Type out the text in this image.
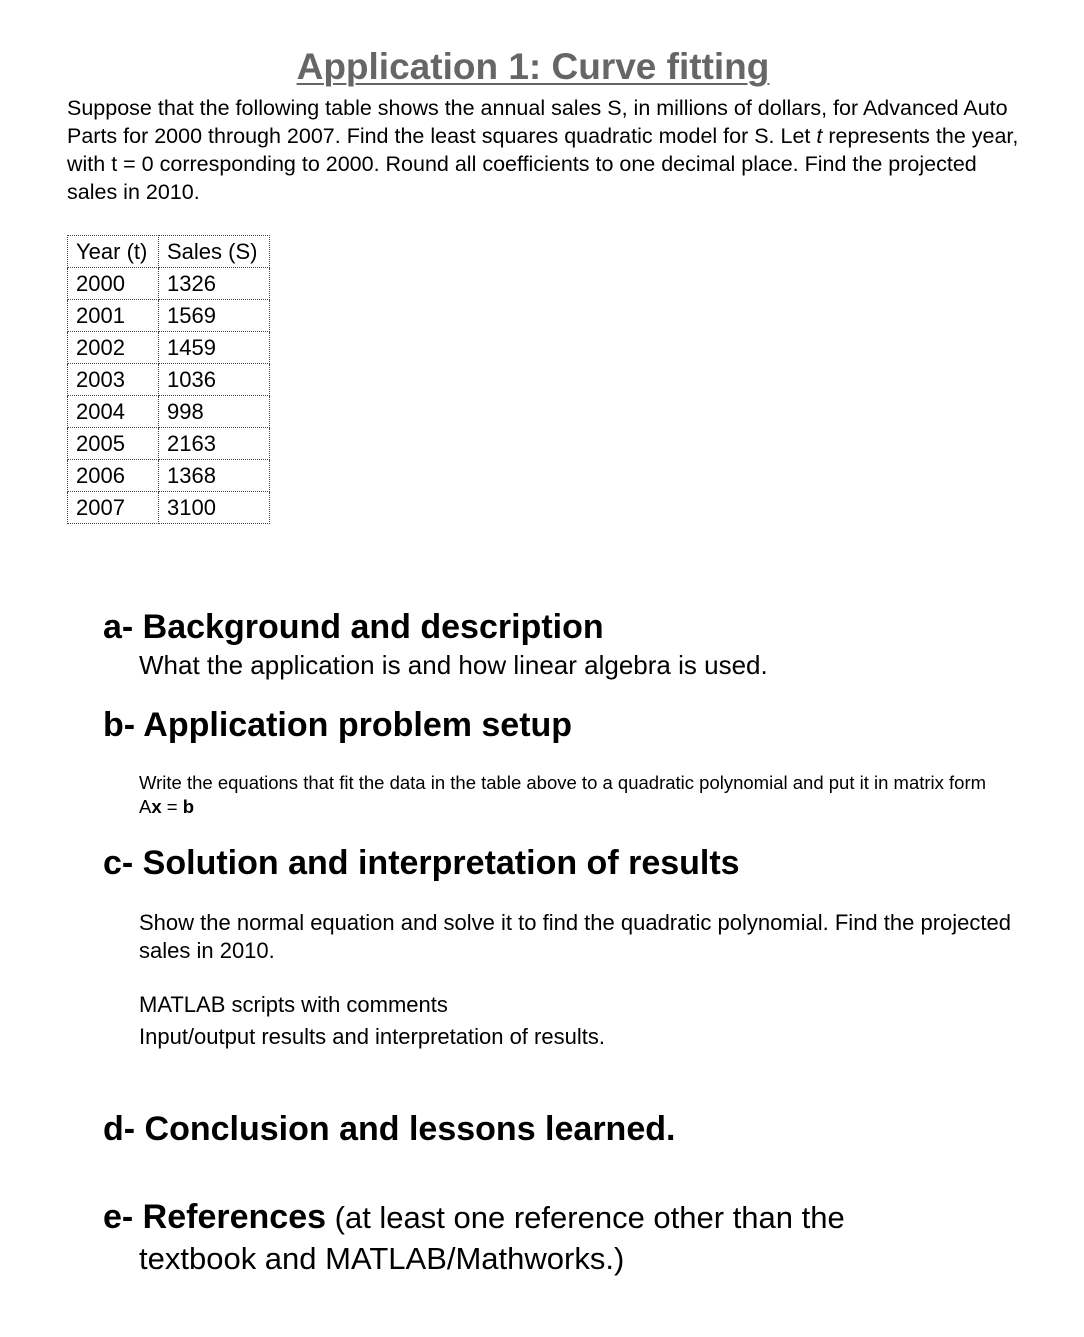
Application 1: Curve fitting
Suppose that the following table shows the annual sales S, in millions of dollars, for Advanced Auto Parts for 2000 through 2007. Find the least squares quadratic model for S. Let t represents the year, with t = 0 corresponding to 2000. Round all coefficients to one decimal place. Find the projected sales in 2010.
Year (t)	Sales (S)
2000	1326
2001	1569
2002	1459
2003	1036
2004	998
2005	2163
2006	1368
2007	3100
a- Background and description
What the application is and how linear algebra is used.
b- Application problem setup
Write the equations that fit the data in the table above to a quadratic polynomial and put it in matrix form Ax = b
c- Solution and interpretation of results
Show the normal equation and solve it to find the quadratic polynomial. Find the projected sales in 2010.
MATLAB scripts with comments
Input/output results and interpretation of results.
d- Conclusion and lessons learned.
e- References (at least one reference other than the
textbook and MATLAB/Mathworks.)
